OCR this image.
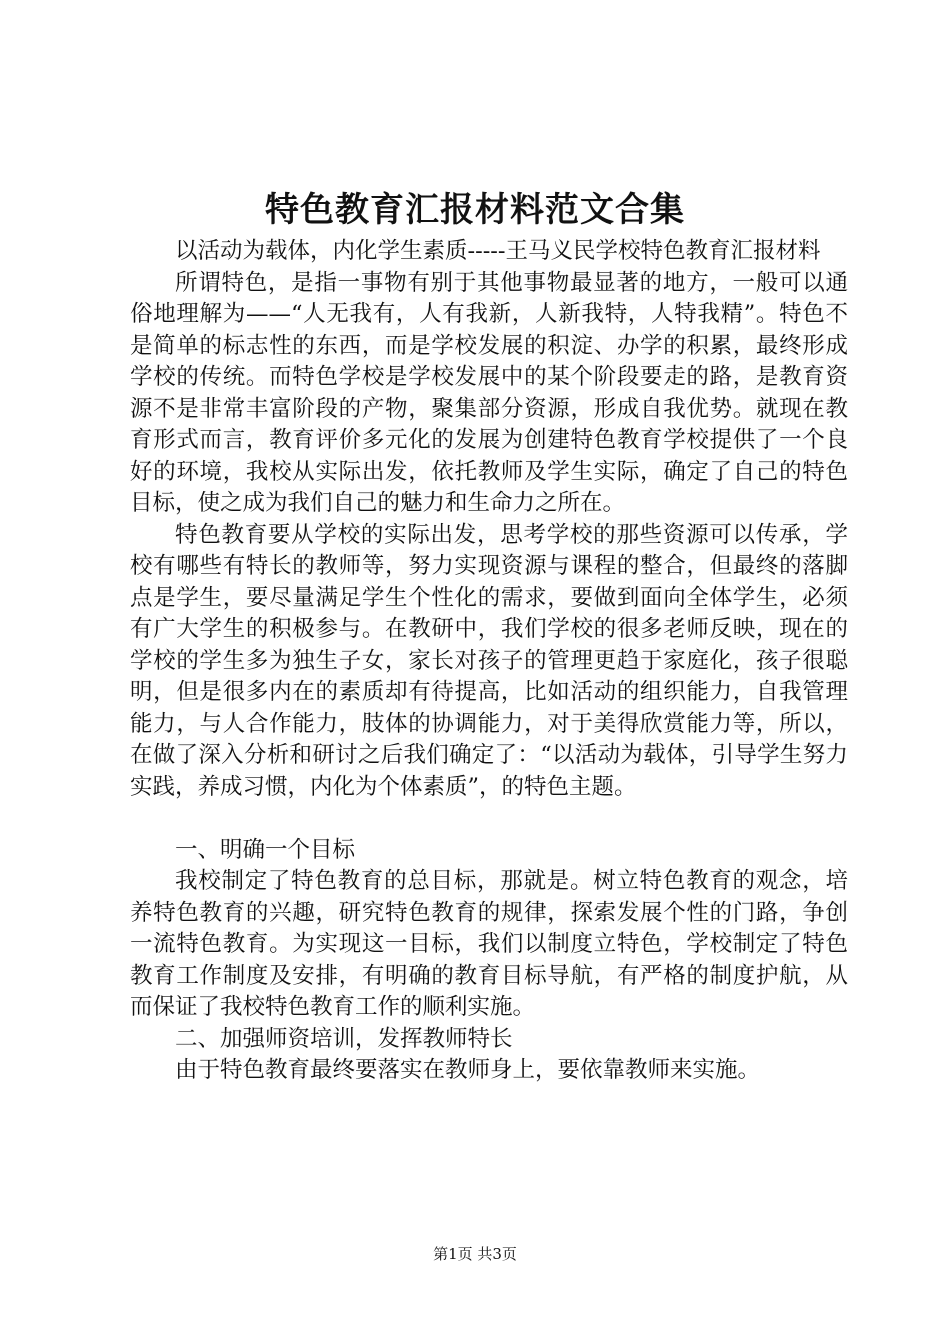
特色教育汇报材料范文合集

以活动为载体，内化学生素质-----王马义民学校特色教育汇报材料

所谓特色，是指一事物有别于其他事物最显著的地方，一般可以通俗地理解为——“人无我有，人有我新，人新我特，人特我精”。特色不是简单的标志性的东西，而是学校发展的积淀、办学的积累，最终形成学校的传统。而特色学校是学校发展中的某个阶段要走的路，是教育资源不是非常丰富阶段的产物，聚集部分资源，形成自我优势。就现在教育形式而言，教育评价多元化的发展为创建特色教育学校提供了一个良好的环境，我校从实际出发，依托教师及学生实际，确定了自己的特色目标，使之成为我们自己的魅力和生命力之所在。

特色教育要从学校的实际出发，思考学校的那些资源可以传承，学校有哪些有特长的教师等，努力实现资源与课程的整合，但最终的落脚点是学生，要尽量满足学生个性化的需求，要做到面向全体学生，必须有广大学生的积极参与。在教研中，我们学校的很多老师反映，现在的学校的学生多为独生子女，家长对孩子的管理更趋于家庭化，孩子很聪明，但是很多内在的素质却有待提高，比如活动的组织能力，自我管理能力，与人合作能力，肢体的协调能力，对于美得欣赏能力等，所以，在做了深入分析和研讨之后我们确定了：“以活动为载体，引导学生努力实践，养成习惯，内化为个体素质”，的特色主题。

一、明确一个目标

我校制定了特色教育的总目标，那就是。树立特色教育的观念，培养特色教育的兴趣，研究特色教育的规律，探索发展个性的门路，争创一流特色教育。为实现这一目标，我们以制度立特色，学校制定了特色教育工作制度及安排，有明确的教育目标导航，有严格的制度护航，从而保证了我校特色教育工作的顺利实施。

二、加强师资培训，发挥教师特长

由于特色教育最终要落实在教师身上，要依靠教师来实施。

第1页 共3页
